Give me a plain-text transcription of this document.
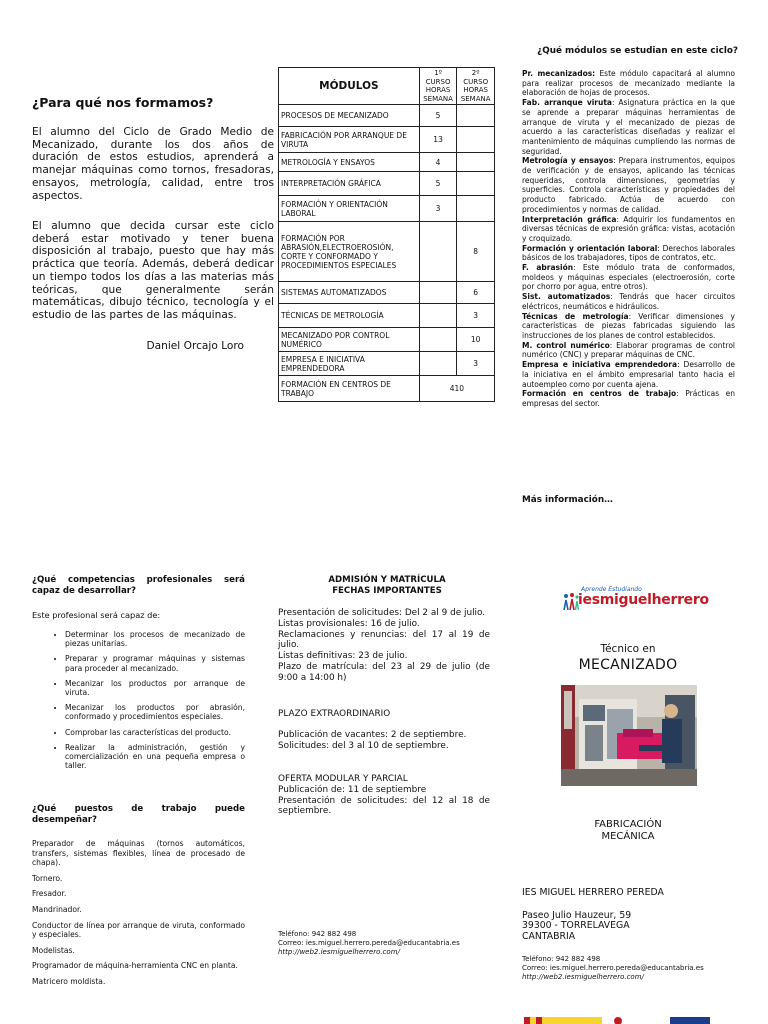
¿Para qué nos formamos?

El alumno del Ciclo de Grado Medio de Mecanizado, durante los dos años de duración de estos estudios, aprenderá a manejar máquinas como tornos, fresadoras, ensayos, metrología, calidad, entre tros aspectos.

El alumno que decida cursar este ciclo deberá estar motivado y tener buena disposición al trabajo, puesto que hay más práctica que teoría. Además, deberá dedicar un tiempo todos los días a las materias más teóricas, que generalmente serán matemáticas, dibujo técnico, tecnología y el estudio de las partes de las máquinas.

Daniel Orcajo Loro

MÓDULOS	1º CURSO HORAS SEMANA	2º CURSO HORAS SEMANA
PROCESOS DE MECANIZADO	5	
FABRICACIÓN POR ARRANQUE DE VIRUTA	13	
METROLOGÍA Y ENSAYOS	4	
INTERPRETACIÓN GRÁFICA	5	
FORMACIÓN Y ORIENTACIÓN LABORAL	3	
FORMACIÓN POR ABRASIÓN,ELECTROEROSIÓN, CORTE Y CONFORMADO Y PROCEDIMIENTOS ESPECIALES		8
SISTEMAS AUTOMATIZADOS		6
TÉCNICAS DE METROLOGÍA		3
MECANIZADO POR CONTROL NUMÉRICO		10
EMPRESA E INICIATIVA EMPRENDEDORA		3
FORMACIÓN EN CENTROS DE TRABAJO	410	
¿Qué módulos se estudian en este ciclo?

Pr. mecanizados: Este módulo capacitará al alumno para realizar procesos de mecanizado mediante la elaboración de hojas de procesos.

Fab. arranque viruta: Asignatura práctica en la que se aprende a preparar máquinas herramientas de arranque de viruta y el mecanizado de piezas de acuerdo a las características diseñadas y realizar el mantenimiento de máquinas cumpliendo las normas de seguridad.

Metrología y ensayos: Prepara instrumentos, equipos de verificación y de ensayos, aplicando las técnicas requeridas, controla dimensiones, geometrías y superficies. Controla características y propiedades del producto fabricado. Actúa de acuerdo con procedimientos y normas de calidad.

Interpretación gráfica: Adquirir los fundamentos en diversas técnicas de expresión gráfica: vistas, acotación y croquizado.

Formación y orientación laboral: Derechos laborales básicos de los trabajadores, tipos de contratos, etc.

F. abrasión: Este módulo trata de conformados, moldeos y máquinas especiales (electroerosión, corte por chorro por agua, entre otros).

Sist. automatizados: Tendrás que hacer circuitos eléctricos, neumáticos e hidráulicos.

Técnicas de metrología: Verificar dimensiones y características de piezas fabricadas siguiendo las instrucciones de los planes de control establecidos.

M. control numérico: Elaborar programas de control numérico (CNC) y preparar máquinas de CNC.

Empresa e iniciativa emprendedora: Desarrollo de la iniciativa en el ámbito empresarial tanto hacia el autoempleo como por cuenta ajena.

Formación en centros de trabajo: Prácticas en empresas del sector.

Más información…

¿Qué competencias profesionales será capaz de desarrollar?

Este profesional será capaz de:

• Determinar los procesos de mecanizado de piezas unitarias.
• Preparar y programar máquinas y sistemas para proceder al mecanizado.
• Mecanizar los productos por arranque de viruta.
• Mecanizar los productos por abrasión, conformado y procedimientos especiales.
• Comprobar las características del producto.
• Realizar la administración, gestión y comercialización en una pequeña empresa o taller.
¿Qué puestos de trabajo puede desempeñar?

Preparador de máquinas (tornos automáticos, transfers, sistemas flexibles, línea de procesado de chapa).

Tornero.

Fresador.

Mandrinador.

Conductor de línea por arranque de viruta, conformado y especiales.

Modelistas.

Programador de máquina-herramienta CNC en planta.

Matricero moldista.

ADMISIÓN Y MATRÍCULA
FECHAS IMPORTANTES

Presentación de solicitudes: Del 2 al 9 de julio.

Listas provisionales: 16 de julio.

Reclamaciones y renuncias: del 17 al 19 de julio.

Listas definitivas: 23 de julio.

Plazo de matrícula: del 23 al 29 de julio (de 9:00 a 14:00 h)

PLAZO EXTRAORDINARIO

Publicación de vacantes: 2 de septiembre.

Solicitudes: del 3 al 10 de septiembre.

OFERTA MODULAR Y PARCIAL

Publicación de: 11 de septiembre

Presentación de solicitudes: del 12 al 18 de septiembre.

Teléfono: 942 882 498

Correo: ies.miguel.herrero.pereda@educantabria.es

http://web2.iesmiguelherrero.com/

Aprende Estudiando
iesmiguelherrero

Técnico en

MECANIZADO

FABRICACIÓN
MECÁNICA

IES MIGUEL HERRERO PEREDA

Paseo Julio Hauzeur, 59

39300 - TORRELAVEGA

CANTABRIA

Teléfono: 942 882 498

Correo: ies.miguel.herrero.pereda@educantabria.es

http://web2.iesmiguelherrero.com/
